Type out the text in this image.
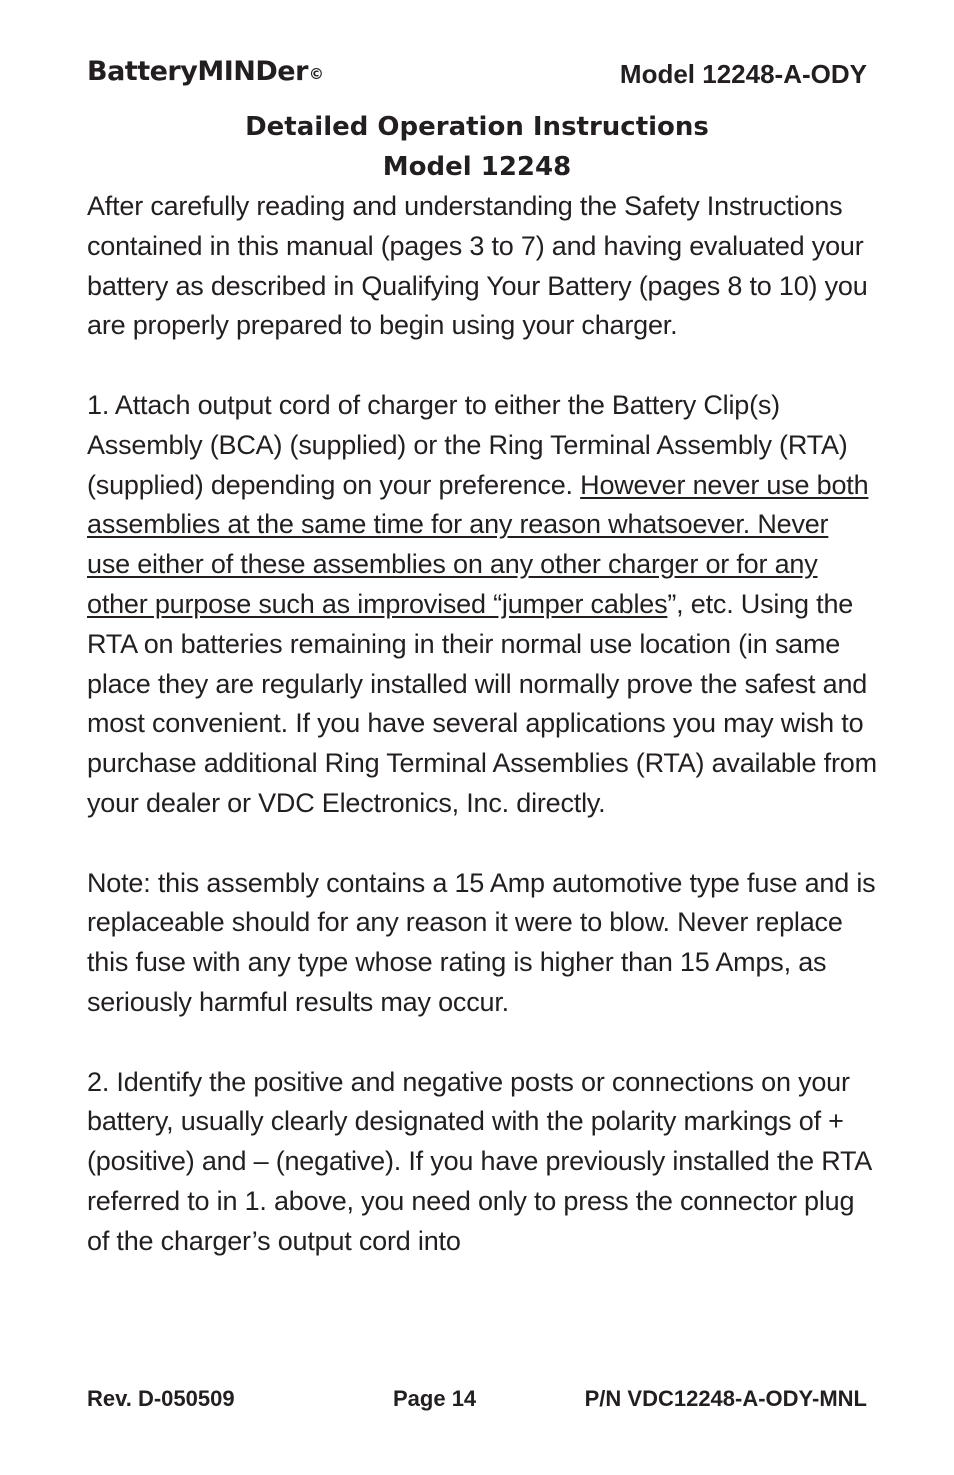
BatteryMINDer©	Model 12248-A-ODY
Detailed Operation Instructions
Model 12248

After carefully reading and understanding the Safety Instructions contained in this manual (pages 3 to 7) and having evaluated your battery as described in Qualifying Your Battery (pages 8 to 10) you are properly prepared to begin using your charger.

1. Attach output cord of charger to either the Battery Clip(s) Assembly (BCA) (supplied) or the Ring Terminal Assembly (RTA) (supplied) depending on your preference. However never use both assemblies at the same time for any reason whatsoever. Never use either of these assemblies on any other charger or for any other purpose such as improvised “jumper cables”, etc. Using the RTA on batteries remaining in their normal use location (in same place they are regularly installed will normally prove the safest and most convenient. If you have several applications you may wish to purchase additional Ring Terminal Assemblies (RTA) available from your dealer or VDC Electronics, Inc. directly.

Note: this assembly contains a 15 Amp automotive type fuse and is replaceable should for any reason it were to blow. Never replace this fuse with any type whose rating is higher than 15 Amps, as seriously harmful results may occur.

2. Identify the positive and negative posts or connections on your battery, usually clearly designated with the polarity markings of + (positive) and – (negative). If you have previously installed the RTA referred to in 1. above, you need only to press the connector plug of the charger’s output cord into

Rev. D-050509	Page 14	P/N VDC12248-A-ODY-MNL
